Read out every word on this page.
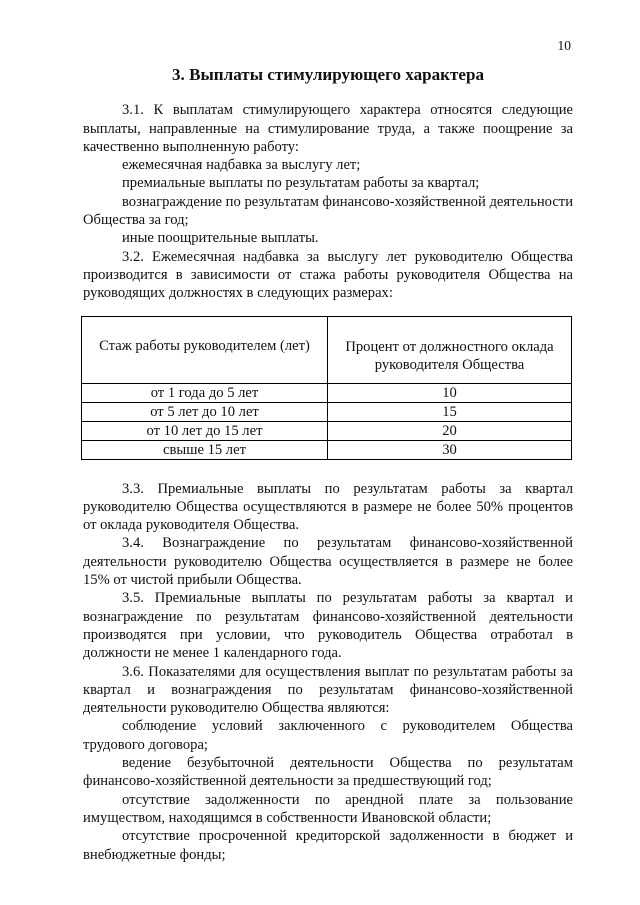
10
3. Выплаты стимулирующего характера

3.1. К выплатам стимулирующего характера относятся следующие выплаты, направленные на стимулирование труда, а также поощрение за качественно выполненную работу:

ежемесячная надбавка за выслугу лет;

премиальные выплаты по результатам работы за квартал;

вознаграждение по результатам финансово-хозяйственной деятельности Общества за год;

иные поощрительные выплаты.

3.2. Ежемесячная надбавка за выслугу лет руководителю Общества производится в зависимости от стажа работы руководителя Общества на руководящих должностях в следующих размерах:

Стаж работы руководителем (лет)	Процент от должностного оклада руководителя Общества
от 1 года до 5 лет	10
от 5 лет до 10 лет	15
от 10 лет до 15 лет	20
свыше 15 лет	30

3.3. Премиальные выплаты по результатам работы за квартал руководителю Общества осуществляются в размере не более 50% процентов от оклада руководителя Общества.

3.4. Вознаграждение по результатам финансово-хозяйственной деятельности руководителю Общества осуществляется в размере не более 15% от чистой прибыли Общества.

3.5. Премиальные выплаты по результатам работы за квартал и вознаграждение по результатам финансово-хозяйственной деятельности производятся при условии, что руководитель Общества отработал в должности не менее 1 календарного года.

3.6. Показателями для осуществления выплат по результатам работы за квартал и вознаграждения по результатам финансово-хозяйственной деятельности руководителю Общества являются:

соблюдение условий заключенного с руководителем Общества трудового договора;

ведение безубыточной деятельности Общества по результатам финансово-хозяйственной деятельности за предшествующий год;

отсутствие задолженности по арендной плате за пользование имуществом, находящимся в собственности Ивановской области;

отсутствие просроченной кредиторской задолженности в бюджет и внебюджетные фонды;
